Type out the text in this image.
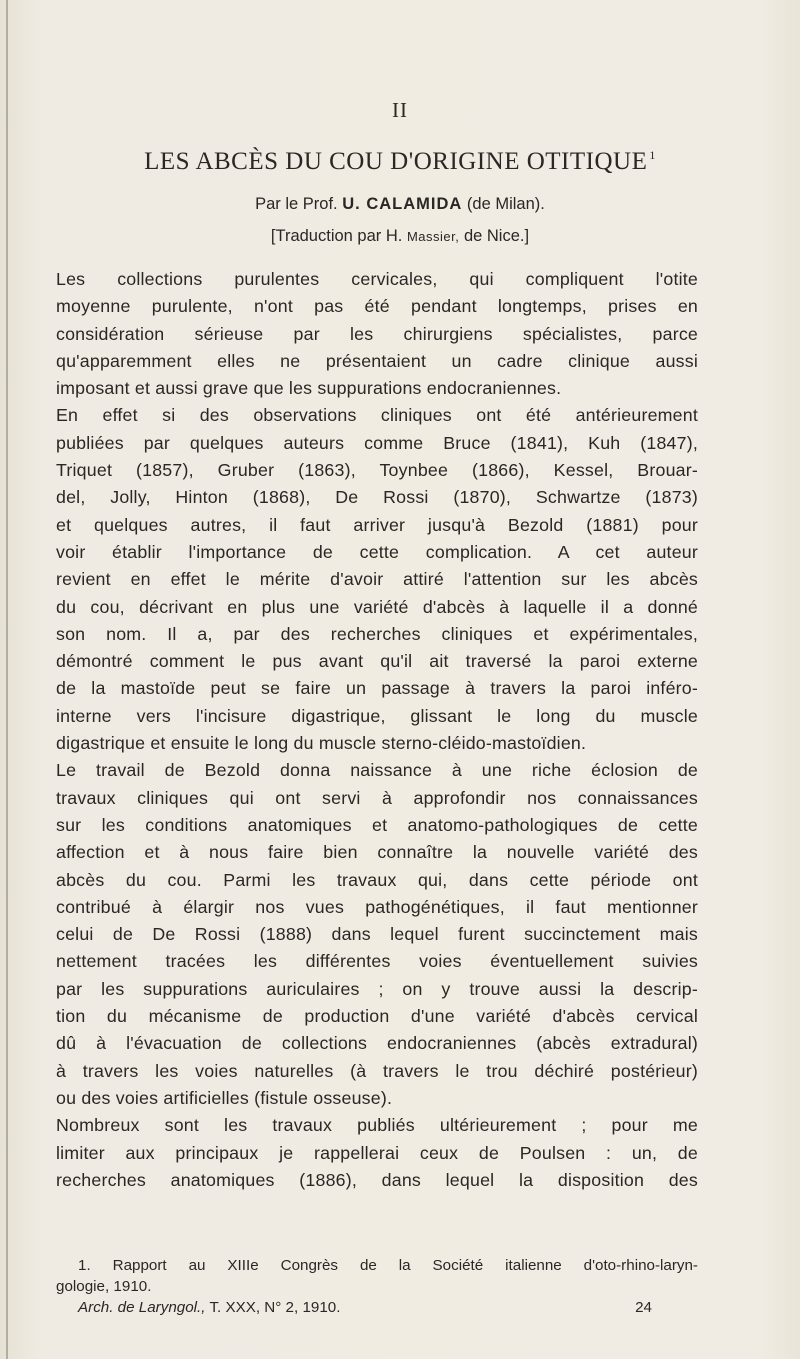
II
LES ABCÈS DU COU D'ORIGINE OTITIQUE $^1$
Par le Prof. U. CALAMIDA (de Milan).
[Traduction par H. Massier, de Nice.]
Les collections purulentes cervicales, qui compliquent l'otite
moyenne purulente, n'ont pas été pendant longtemps, prises en
considération sérieuse par les chirurgiens spécialistes, parce
qu'apparemment elles ne présentaient un cadre clinique aussi
imposant et aussi grave que les suppurations endocraniennes.
En effet si des observations cliniques ont été antérieurement
publiées par quelques auteurs comme Bruce (1841), Kuh (1847),
Triquet (1857), Gruber (1863), Toynbee (1866), Kessel, Brouar-
del, Jolly, Hinton (1868), De Rossi (1870), Schwartze (1873)
et quelques autres, il faut arriver jusqu'à Bezold (1881) pour
voir établir l'importance de cette complication. A cet auteur
revient en effet le mérite d'avoir attiré l'attention sur les abcès
du cou, décrivant en plus une variété d'abcès à laquelle il a donné
son nom. Il a, par des recherches cliniques et expérimentales,
démontré comment le pus avant qu'il ait traversé la paroi externe
de la mastoïde peut se faire un passage à travers la paroi inféro-
interne vers l'incisure digastrique, glissant le long du muscle
digastrique et ensuite le long du muscle sterno-cléido-mastoïdien.
Le travail de Bezold donna naissance à une riche éclosion de
travaux cliniques qui ont servi à approfondir nos connaissances
sur les conditions anatomiques et anatomo-pathologiques de cette
affection et à nous faire bien connaître la nouvelle variété des
abcès du cou. Parmi les travaux qui, dans cette période ont
contribué à élargir nos vues pathogénétiques, il faut mentionner
celui de De Rossi (1888) dans lequel furent succinctement mais
nettement tracées les différentes voies éventuellement suivies
par les suppurations auriculaires ; on y trouve aussi la descrip-
tion du mécanisme de production d'une variété d'abcès cervical
dû à l'évacuation de collections endocraniennes (abcès extradural)
à travers les voies naturelles (à travers le trou déchiré postérieur)
ou des voies artificielles (fistule osseuse).
Nombreux sont les travaux publiés ultérieurement ; pour me
limiter aux principaux je rappellerai ceux de Poulsen : un, de
recherches anatomiques (1886), dans lequel la disposition des
1. Rapport au XIIIe Congrès de la Société italienne d'oto-rhino-laryn-
gologie, 1910.
Arch. de Laryngol., T. XXX, N° 2, 1910.	24
